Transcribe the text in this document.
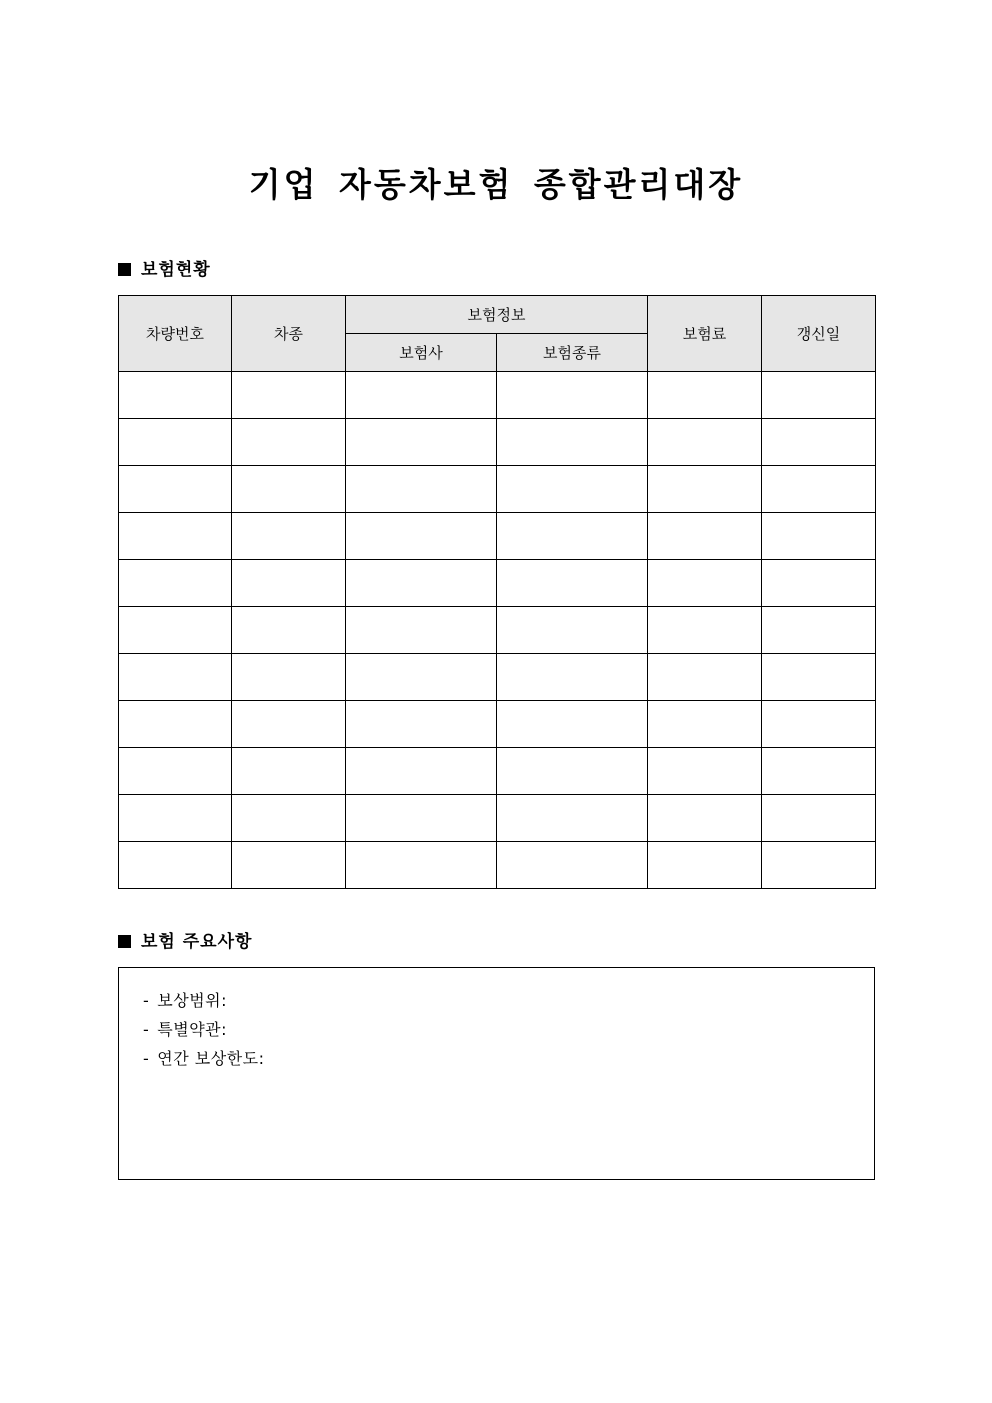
기업 자동차보험 종합관리대장
보험현황
차량번호	차종	보험정보		보험료	갱신일
		보험사	보험종류		

보험 주요사항
- 보상범위:
- 특별약관:
- 연간 보상한도:
